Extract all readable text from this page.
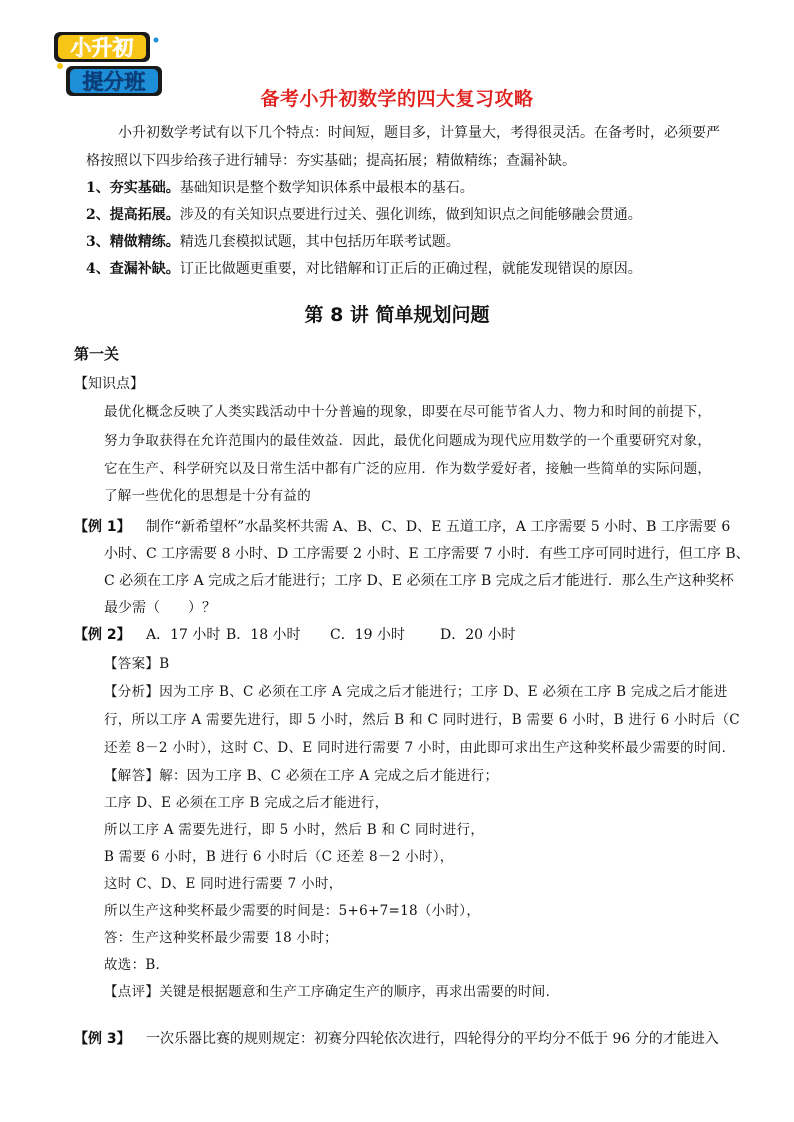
小升初
提分班
备考小升初数学的四大复习攻略
小升初数学考试有以下几个特点：时间短，题目多，计算量大，考得很灵活。在备考时，必须要严
格按照以下四步给孩子进行辅导：夯实基础；提高拓展；精做精练；查漏补缺。
1、夯实基础。基础知识是整个数学知识体系中最根本的基石。
2、提高拓展。涉及的有关知识点要进行过关、强化训练，做到知识点之间能够融会贯通。
3、精做精练。精选几套模拟试题，其中包括历年联考试题。
4、查漏补缺。订正比做题更重要，对比错解和订正后的正确过程，就能发现错误的原因。
第 8 讲 简单规划问题
第一关
【知识点】
最优化概念反映了人类实践活动中十分普遍的现象，即要在尽可能节省人力、物力和时间的前提下，
努力争取获得在允许范围内的最佳效益．因此，最优化问题成为现代应用数学的一个重要研究对象，
它在生产、科学研究以及日常生活中都有广泛的应用．作为数学爱好者，接触一些简单的实际问题，
了解一些优化的思想是十分有益的
【例 1】 制作“新希望杯”水晶奖杯共需 A、B、C、D、E 五道工序，A 工序需要 5 小时、B 工序需要 6
小时、C 工序需要 8 小时、D 工序需要 2 小时、E 工序需要 7 小时．有些工序可同时进行，但工序 B、
C 必须在工序 A 完成之后才能进行；工序 D、E 必须在工序 B 完成之后才能进行．那么生产这种奖杯
最少需（　　）？
【例 2】 A．17 小时 B．18 小时 C．19 小时	D．20 小时
【答案】B
【分析】因为工序 B、C 必须在工序 A 完成之后才能进行；工序 D、E 必须在工序 B 完成之后才能进
行，所以工序 A 需要先进行，即 5 小时，然后 B 和 C 同时进行，B 需要 6 小时，B 进行 6 小时后（C
还差 8－2 小时），这时 C、D、E 同时进行需要 7 小时，由此即可求出生产这种奖杯最少需要的时间．
【解答】解：因为工序 B、C 必须在工序 A 完成之后才能进行；
工序 D、E 必须在工序 B 完成之后才能进行，
所以工序 A 需要先进行，即 5 小时，然后 B 和 C 同时进行，
B 需要 6 小时，B 进行 6 小时后（C 还差 8－2 小时），
这时 C、D、E 同时进行需要 7 小时，
所以生产这种奖杯最少需要的时间是：5+6+7=18（小时），
答：生产这种奖杯最少需要 18 小时；
故选：B．
【点评】关键是根据题意和生产工序确定生产的顺序，再求出需要的时间．
【例 3】 一次乐器比赛的规则规定：初赛分四轮依次进行，四轮得分的平均分不低于 96 分的才能进入
